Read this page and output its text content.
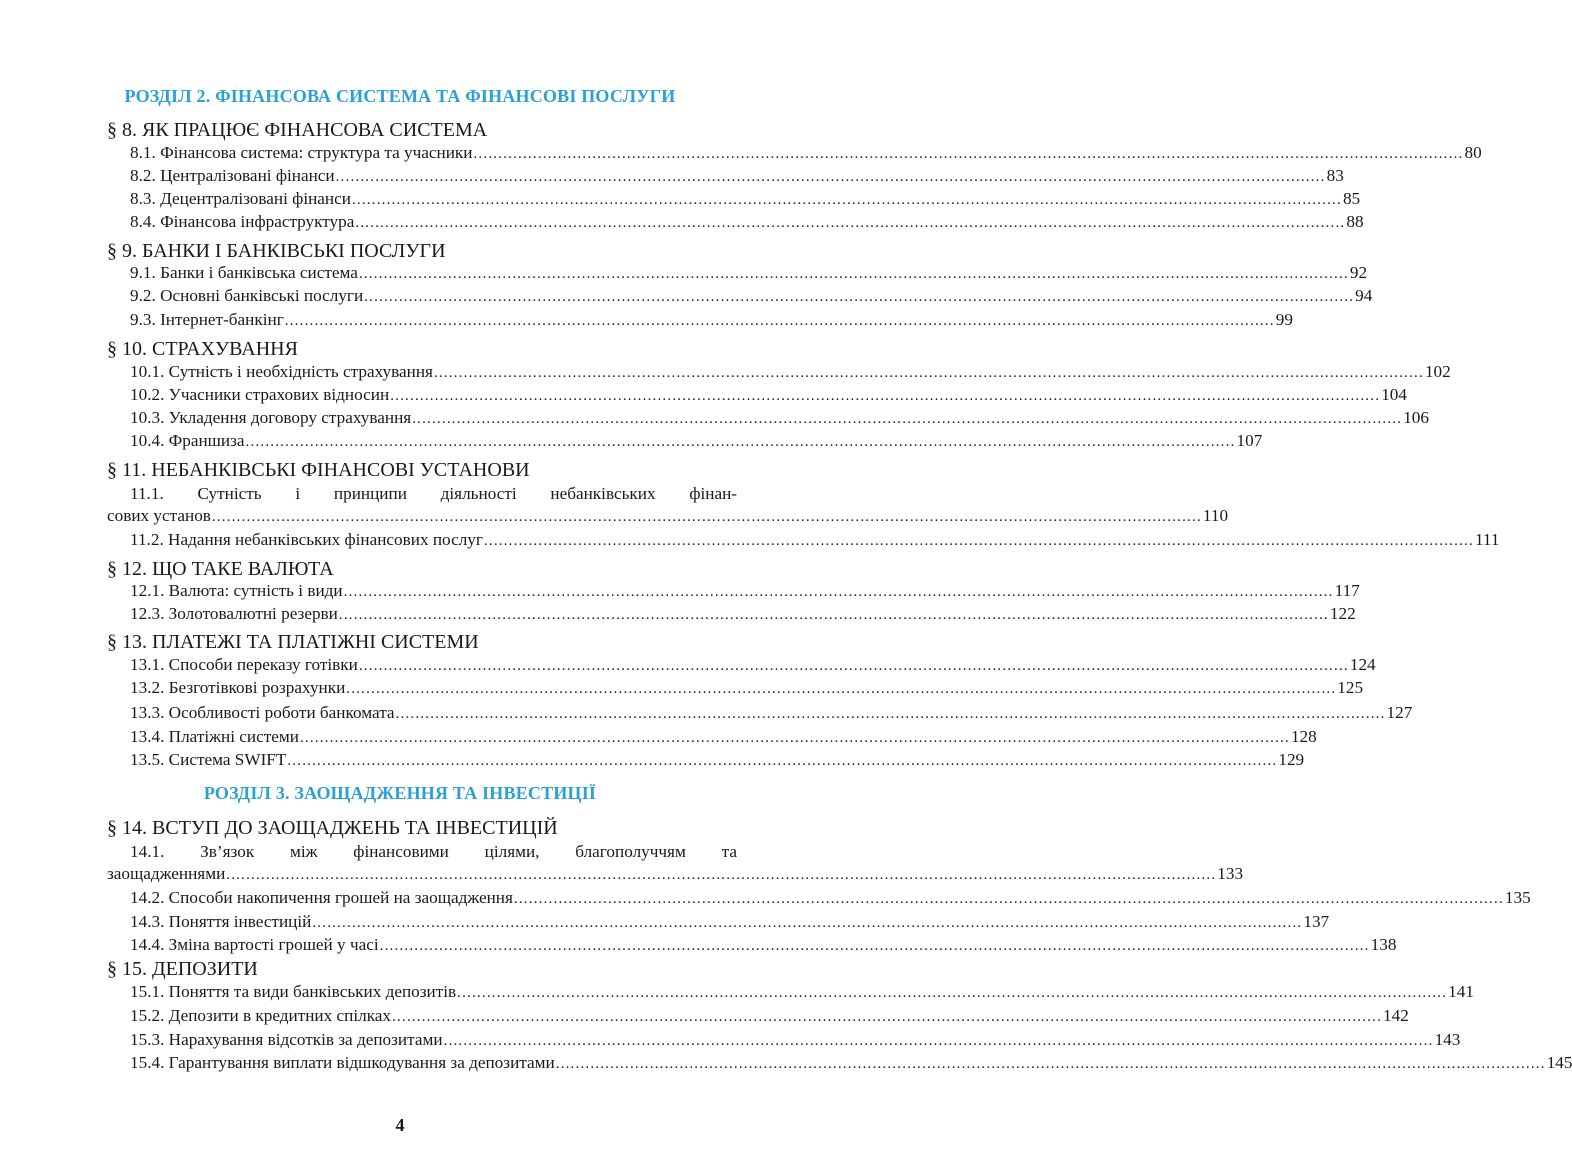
РОЗДІЛ 2. ФІНАНСОВА СИСТЕМА ТА ФІНАНСОВІ ПОСЛУГИ
§ 8. ЯК ПРАЦЮЄ ФІНАНСОВА СИСТЕМА
8.1. Фінансова система: структура та учасники ........................................................................................................................................................................................................ 80
8.2. Централізовані фінанси ........................................................................................................................................................................................................ 83
8.3. Децентралізовані фінанси ........................................................................................................................................................................................................ 85
8.4. Фінансова інфраструктура ........................................................................................................................................................................................................ 88
§ 9. БАНКИ І БАНКІВСЬКІ ПОСЛУГИ
9.1. Банки і банківська система ........................................................................................................................................................................................................ 92
9.2. Основні банківські послуги ........................................................................................................................................................................................................ 94
9.3. Інтернет-банкінг ........................................................................................................................................................................................................ 99
§ 10. СТРАХУВАННЯ
10.1. Сутність і необхідність страхування ........................................................................................................................................................................................................ 102
10.2. Учасники страхових відносин ........................................................................................................................................................................................................ 104
10.3. Укладення договору страхування ........................................................................................................................................................................................................ 106
10.4. Франшиза ........................................................................................................................................................................................................ 107
§ 11. НЕБАНКІВСЬКІ ФІНАНСОВІ УСТАНОВИ
11.1. Сутність і принципи діяльності небанківських фінан-
сових установ ........................................................................................................................................................................................................ 110
11.2. Надання небанківських фінансових послуг ........................................................................................................................................................................................................ 111
§ 12. ЩО ТАКЕ ВАЛЮТА
12.1. Валюта: сутність і види ........................................................................................................................................................................................................ 117
12.3. Золотовалютні резерви ........................................................................................................................................................................................................ 122
§ 13. ПЛАТЕЖІ ТА ПЛАТІЖНІ СИСТЕМИ
13.1. Способи переказу готівки ........................................................................................................................................................................................................ 124
13.2. Безготівкові розрахунки ........................................................................................................................................................................................................ 125
13.3. Особливості роботи банкомата ........................................................................................................................................................................................................ 127
13.4. Платіжні системи ........................................................................................................................................................................................................ 128
13.5. Система SWIFT ........................................................................................................................................................................................................ 129
РОЗДІЛ 3. ЗАОЩАДЖЕННЯ ТА ІНВЕСТИЦІЇ
§ 14. ВСТУП ДО ЗАОЩАДЖЕНЬ ТА ІНВЕСТИЦІЙ
14.1. Зв’язок між фінансовими цілями, благополуччям та
заощадженнями ........................................................................................................................................................................................................ 133
14.2. Способи накопичення грошей на заощадження ........................................................................................................................................................................................................ 135
14.3. Поняття інвестицій ........................................................................................................................................................................................................ 137
14.4. Зміна вартості грошей у часі ........................................................................................................................................................................................................ 138
§ 15. ДЕПОЗИТИ
15.1. Поняття та види банківських депозитів ........................................................................................................................................................................................................ 141
15.2. Депозити в кредитних спілках ........................................................................................................................................................................................................ 142
15.3. Нарахування відсотків за депозитами ........................................................................................................................................................................................................ 143
15.4. Гарантування виплати відшкодування за депозитами ........................................................................................................................................................................................................ 145
4
